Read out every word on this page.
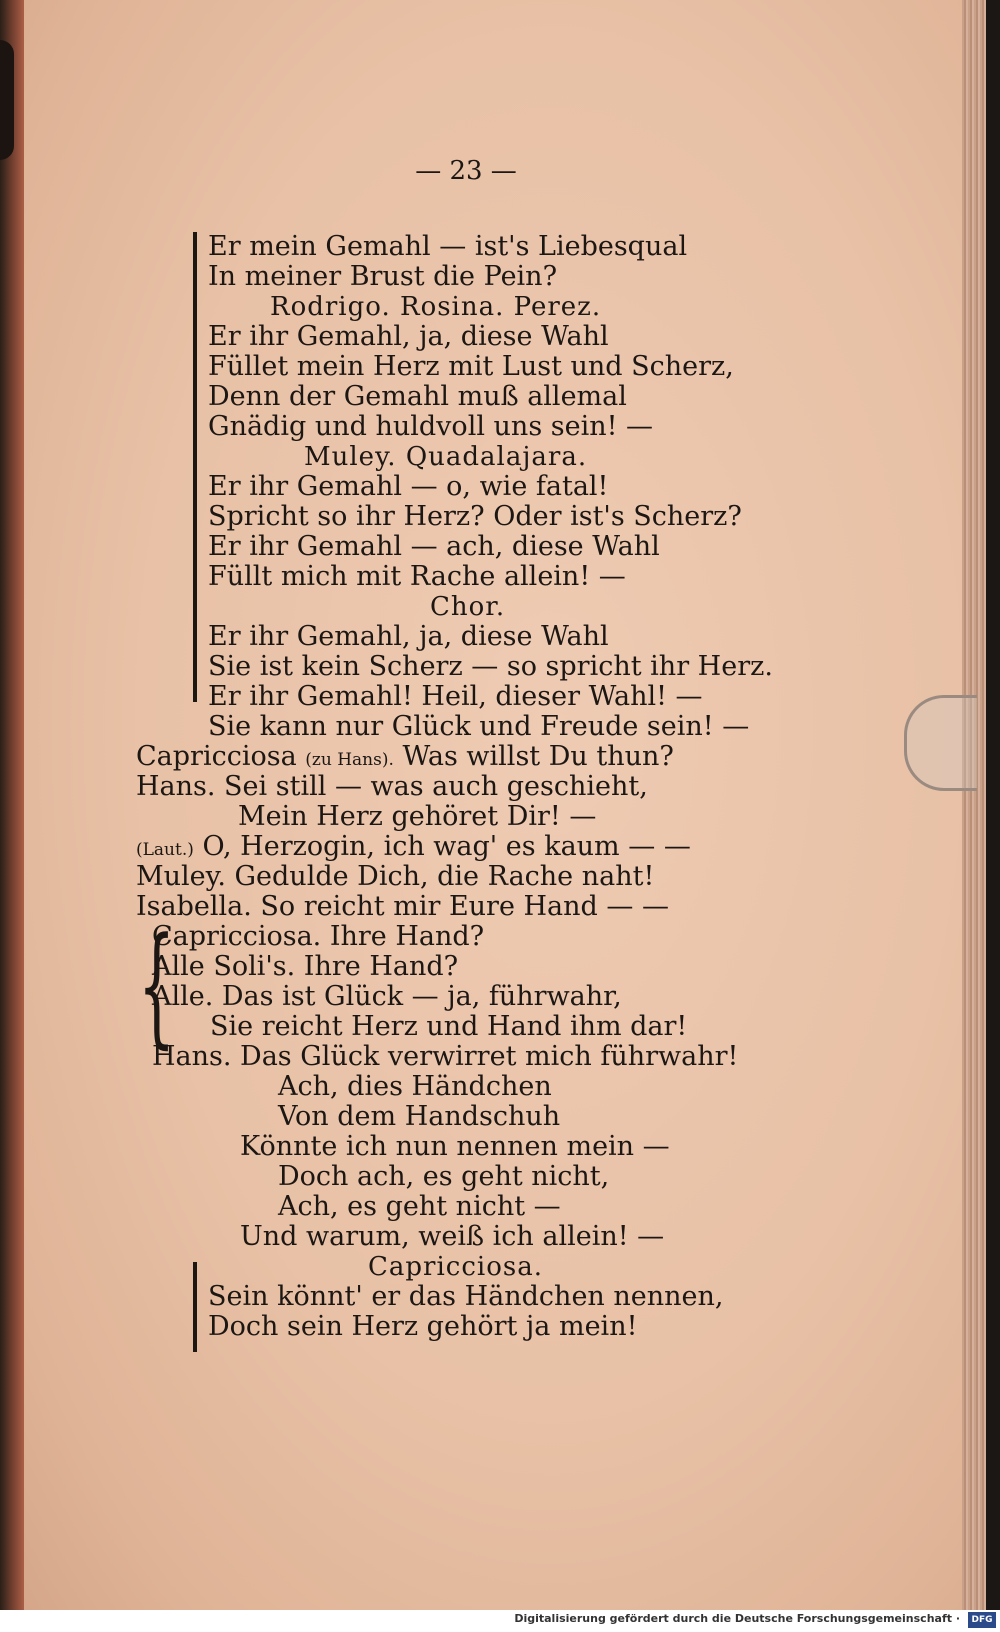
— 23 —
{
Er mein Gemahl — ist's Liebesqual
In meiner Brust die Pein?
Rodrigo. Rosina. Perez.
Er ihr Gemahl, ja, diese Wahl
Füllet mein Herz mit Lust und Scherz,
Denn der Gemahl muß allemal
Gnädig und huldvoll uns sein! —
Muley. Quadalajara.
Er ihr Gemahl — o, wie fatal!
Spricht so ihr Herz? Oder ist's Scherz?
Er ihr Gemahl — ach, diese Wahl
Füllt mich mit Rache allein! —
Chor.
Er ihr Gemahl, ja, diese Wahl
Sie ist kein Scherz — so spricht ihr Herz.
Er ihr Gemahl! Heil, dieser Wahl! —
Sie kann nur Glück und Freude sein! —
Capricciosa (zu Hans). Was willst Du thun?
Hans. Sei still — was auch geschieht,
Mein Herz gehöret Dir! —
(Laut.) O, Herzogin, ich wag' es kaum — —
Muley. Gedulde Dich, die Rache naht!
Isabella. So reicht mir Eure Hand — —
Capricciosa. Ihre Hand?
Alle Soli's. Ihre Hand?
Alle. Das ist Glück — ja, führwahr,
Sie reicht Herz und Hand ihm dar!
Hans. Das Glück verwirret mich führwahr!
Ach, dies Händchen
Von dem Handschuh
Könnte ich nun nennen mein —
Doch ach, es geht nicht,
Ach, es geht nicht —
Und warum, weiß ich allein! —
Capricciosa.
Sein könnt' er das Händchen nennen,
Doch sein Herz gehört ja mein!
Digitalisierung gefördert durch die Deutsche Forschungsgemeinschaft ·	DFG
